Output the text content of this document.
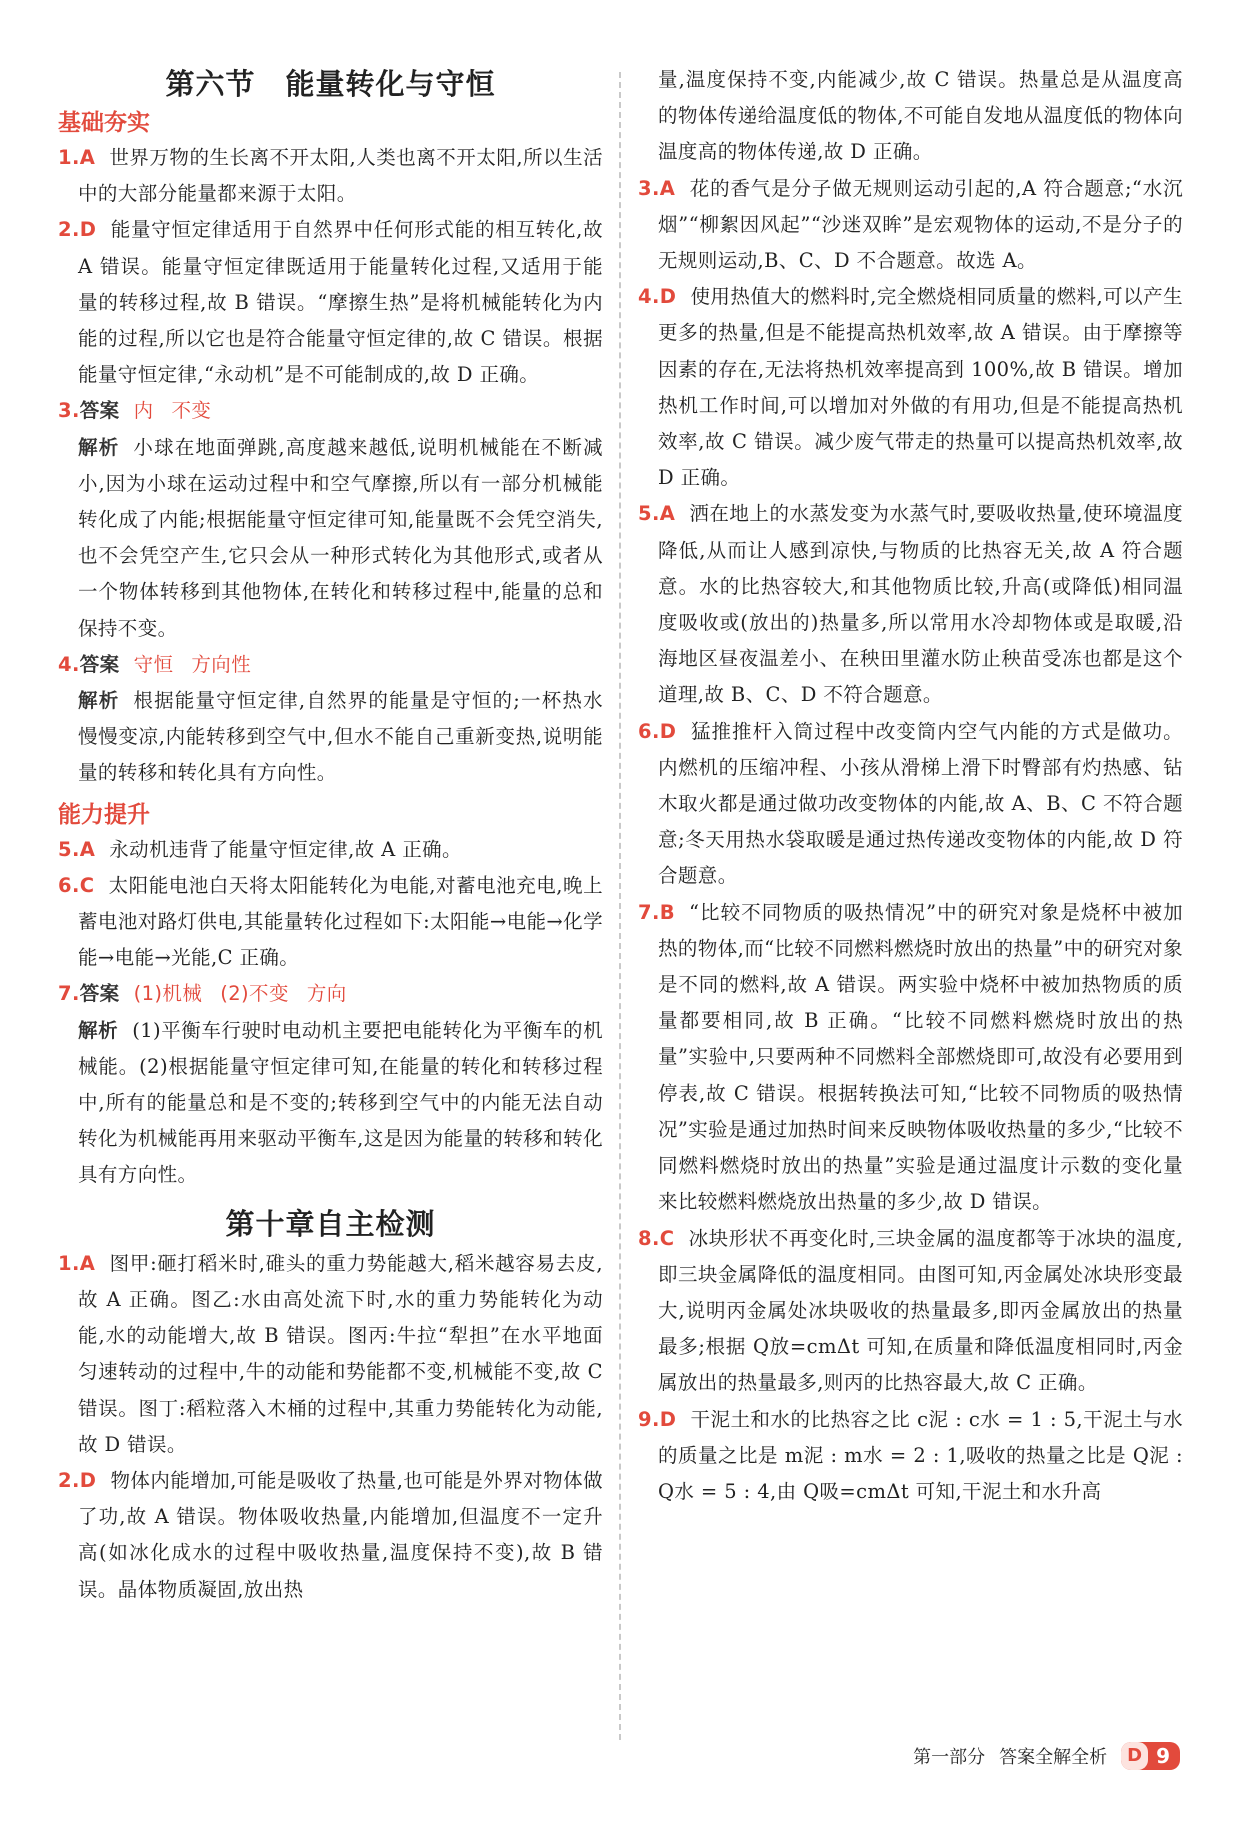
第六节　能量转化与守恒
基础夯实

1.A 世界万物的生长离不开太阳,人类也离不开太阳,所以生活中的大部分能量都来源于太阳。

2.D 能量守恒定律适用于自然界中任何形式能的相互转化,故 A 错误。能量守恒定律既适用于能量转化过程,又适用于能量的转移过程,故 B 错误。“摩擦生热”是将机械能转化为内能的过程,所以它也是符合能量守恒定律的,故 C 错误。根据能量守恒定律,“永动机”是不可能制成的,故 D 正确。

3.答案 内 不变

解析 小球在地面弹跳,高度越来越低,说明机械能在不断减小,因为小球在运动过程中和空气摩擦,所以有一部分机械能转化成了内能;根据能量守恒定律可知,能量既不会凭空消失,也不会凭空产生,它只会从一种形式转化为其他形式,或者从一个物体转移到其他物体,在转化和转移过程中,能量的总和保持不变。

4.答案 守恒 方向性

解析 根据能量守恒定律,自然界的能量是守恒的;一杯热水慢慢变凉,内能转移到空气中,但水不能自己重新变热,说明能量的转移和转化具有方向性。

能力提升

5.A 永动机违背了能量守恒定律,故 A 正确。

6.C 太阳能电池白天将太阳能转化为电能,对蓄电池充电,晚上蓄电池对路灯供电,其能量转化过程如下:太阳能→电能→化学能→电能→光能,C 正确。

7.答案 (1)机械 (2)不变 方向

解析 (1)平衡车行驶时电动机主要把电能转化为平衡车的机械能。(2)根据能量守恒定律可知,在能量的转化和转移过程中,所有的能量总和是不变的;转移到空气中的内能无法自动转化为机械能再用来驱动平衡车,这是因为能量的转移和转化具有方向性。

第十章自主检测

1.A 图甲:砸打稻米时,碓头的重力势能越大,稻米越容易去皮,故 A 正确。图乙:水由高处流下时,水的重力势能转化为动能,水的动能增大,故 B 错误。图丙:牛拉“犁担”在水平地面匀速转动的过程中,牛的动能和势能都不变,机械能不变,故 C 错误。图丁:稻粒落入木桶的过程中,其重力势能转化为动能,故 D 错误。

2.D 物体内能增加,可能是吸收了热量,也可能是外界对物体做了功,故 A 错误。物体吸收热量,内能增加,但温度不一定升高(如冰化成水的过程中吸收热量,温度保持不变),故 B 错误。晶体物质凝固,放出热

量,温度保持不变,内能减少,故 C 错误。热量总是从温度高的物体传递给温度低的物体,不可能自发地从温度低的物体向温度高的物体传递,故 D 正确。

3.A 花的香气是分子做无规则运动引起的,A 符合题意;“水沉烟”“柳絮因风起”“沙迷双眸”是宏观物体的运动,不是分子的无规则运动,B、C、D 不合题意。故选 A。

4.D 使用热值大的燃料时,完全燃烧相同质量的燃料,可以产生更多的热量,但是不能提高热机效率,故 A 错误。由于摩擦等因素的存在,无法将热机效率提高到 100%,故 B 错误。增加热机工作时间,可以增加对外做的有用功,但是不能提高热机效率,故 C 错误。减少废气带走的热量可以提高热机效率,故 D 正确。

5.A 洒在地上的水蒸发变为水蒸气时,要吸收热量,使环境温度降低,从而让人感到凉快,与物质的比热容无关,故 A 符合题意。水的比热容较大,和其他物质比较,升高(或降低)相同温度吸收或(放出的)热量多,所以常用水冷却物体或是取暖,沿海地区昼夜温差小、在秧田里灌水防止秧苗受冻也都是这个道理,故 B、C、D 不符合题意。

6.D 猛推推杆入筒过程中改变筒内空气内能的方式是做功。内燃机的压缩冲程、小孩从滑梯上滑下时臀部有灼热感、钻木取火都是通过做功改变物体的内能,故 A、B、C 不符合题意;冬天用热水袋取暖是通过热传递改变物体的内能,故 D 符合题意。

7.B “比较不同物质的吸热情况”中的研究对象是烧杯中被加热的物体,而“比较不同燃料燃烧时放出的热量”中的研究对象是不同的燃料,故 A 错误。两实验中烧杯中被加热物质的质量都要相同,故 B 正确。“比较不同燃料燃烧时放出的热量”实验中,只要两种不同燃料全部燃烧即可,故没有必要用到停表,故 C 错误。根据转换法可知,“比较不同物质的吸热情况”实验是通过加热时间来反映物体吸收热量的多少,“比较不同燃料燃烧时放出的热量”实验是通过温度计示数的变化量来比较燃料燃烧放出热量的多少,故 D 错误。

8.C 冰块形状不再变化时,三块金属的温度都等于冰块的温度,即三块金属降低的温度相同。由图可知,丙金属处冰块形变最大,说明丙金属处冰块吸收的热量最多,即丙金属放出的热量最多;根据 Q放=cmΔt 可知,在质量和降低温度相同时,丙金属放出的热量最多,则丙的比热容最大,故 C 正确。

9.D 干泥土和水的比热容之比 c泥 : c水 = 1 : 5,干泥土与水的质量之比是 m泥 : m水 = 2 : 1,吸收的热量之比是 Q泥 : Q水 = 5 : 4,由 Q吸=cmΔt 可知,干泥土和水升高

第一部分 答案全解全析	D 9
